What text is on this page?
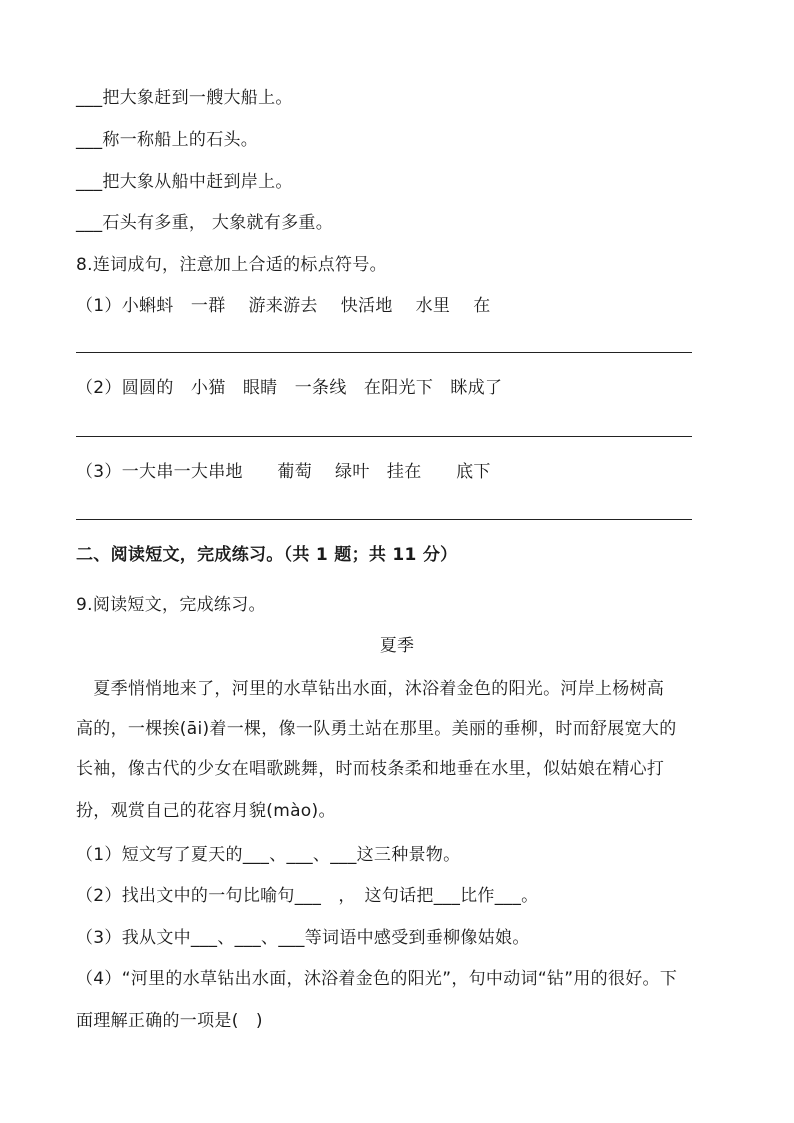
___把大象赶到一艘大船上。
___称一称船上的石头。
___把大象从船中赶到岸上。
___石头有多重， 大象就有多重。
8.连词成句，注意加上合适的标点符号。
（1）小蝌蚪　一群　 游来游去　 快活地　 水里　 在
（2）圆圆的　小猫　眼睛　一条线　在阳光下　眯成了
（3）一大串一大串地　　葡萄　 绿叶　挂在　　底下
二、阅读短文，完成练习。（共 1 题；共 11 分）
9.阅读短文，完成练习。
夏季
　夏季悄悄地来了，河里的水草钻出水面，沐浴着金色的阳光。河岸上杨树高
高的，一棵挨(āi)着一棵，像一队勇土站在那里。美丽的垂柳，时而舒展宽大的
长袖，像古代的少女在唱歌跳舞，时而枝条柔和地垂在水里，似姑娘在精心打
扮，观赏自己的花容月貌(mào)。
（1）短文写了夏天的___、___、___这三种景物。
（2）找出文中的一句比喻句___　，　这句话把___比作___。
（3）我从文中___、___、___等词语中感受到垂柳像姑娘。
（4）“河里的水草钻出水面，沐浴着金色的阳光”，句中动词“钻”用的很好。下
面理解正确的一项是(　)
